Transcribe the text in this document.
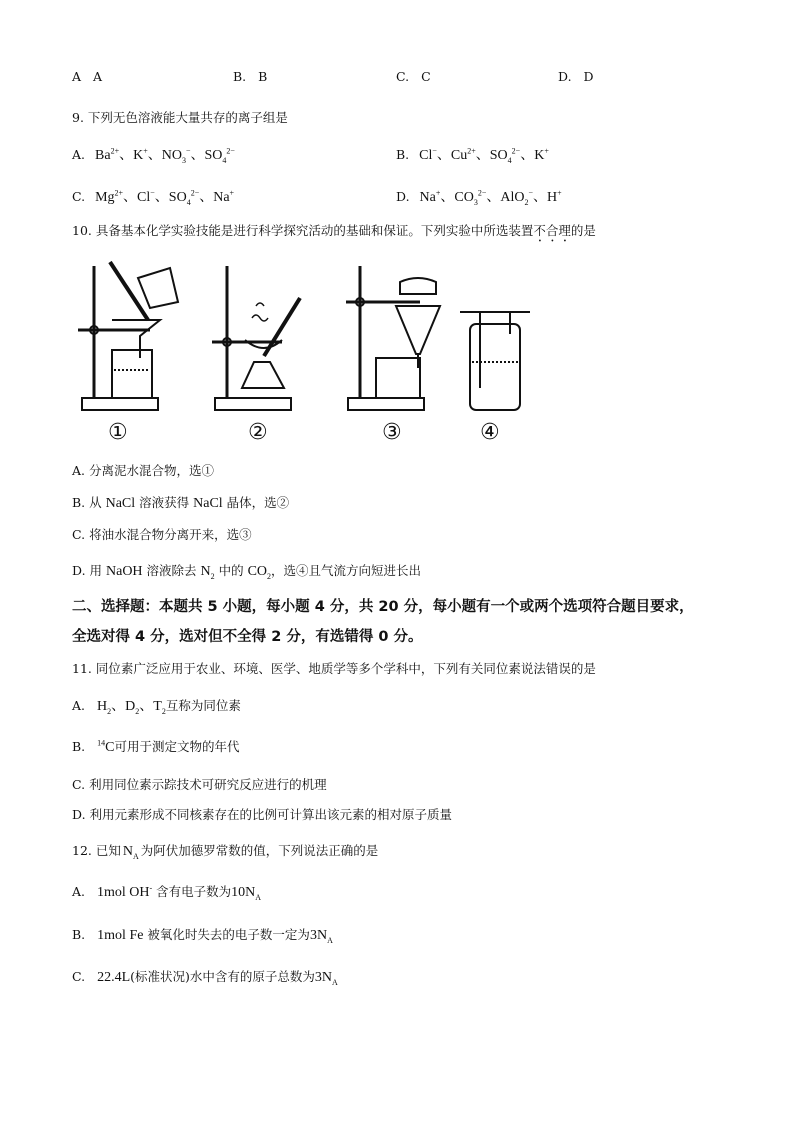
A A	B. B	C. C	D. D
9. 下列无色溶液能大量共存的离子组是
A. $Ba^{2+}$、K+、$NO_3^-$、$SO_4^{2-}$	B. Cl−、$Cu^{2+}$、$SO_4^{2-}$、K+
C. $Mg^{2+}$、Cl−、$SO_4^{2-}$、Na+	D. Na+、$CO_3^{2-}$、AlO$_2$−、H+
10. 具备基本化学实验技能是进行科学探究活动的基础和保证。下列实验中所选装置不合理的是
①	②	③	④
A. 分离泥水混合物，选①
B. 从 NaCl 溶液获得 NaCl 晶体，选②
C. 将油水混合物分离开来，选③
D. 用 NaOH 溶液除去 $N_2$ 中的 $CO_2$，选④且气流方向短进长出
二、选择题：本题共 5 小题，每小题 4 分，共 20 分，每小题有一个或两个选项符合题目要求，
全选对得 4 分，选对但不全得 2 分，有选错得 0 分。
11. 同位素广泛应用于农业、环境、医学、地质学等多个学科中，下列有关同位素说法错误的是
A. $H_2$、$D_2$、$T_2$互称为同位素
B. $^{14}$C可用于测定文物的年代
C. 利用同位素示踪技术可研究反应进行的机理
D. 利用元素形成不同核素存在的比例可计算出该元素的相对原子质量
12. 已知 $N_A$ 为阿伏加德罗常数的值，下列说法正确的是
A. 1mol OH- 含有电子数为$10N_A$
B. 1mol Fe 被氧化时失去的电子数一定为$3N_A$
C. 22.4L(标准状况)水中含有的原子总数为$3N_A$
